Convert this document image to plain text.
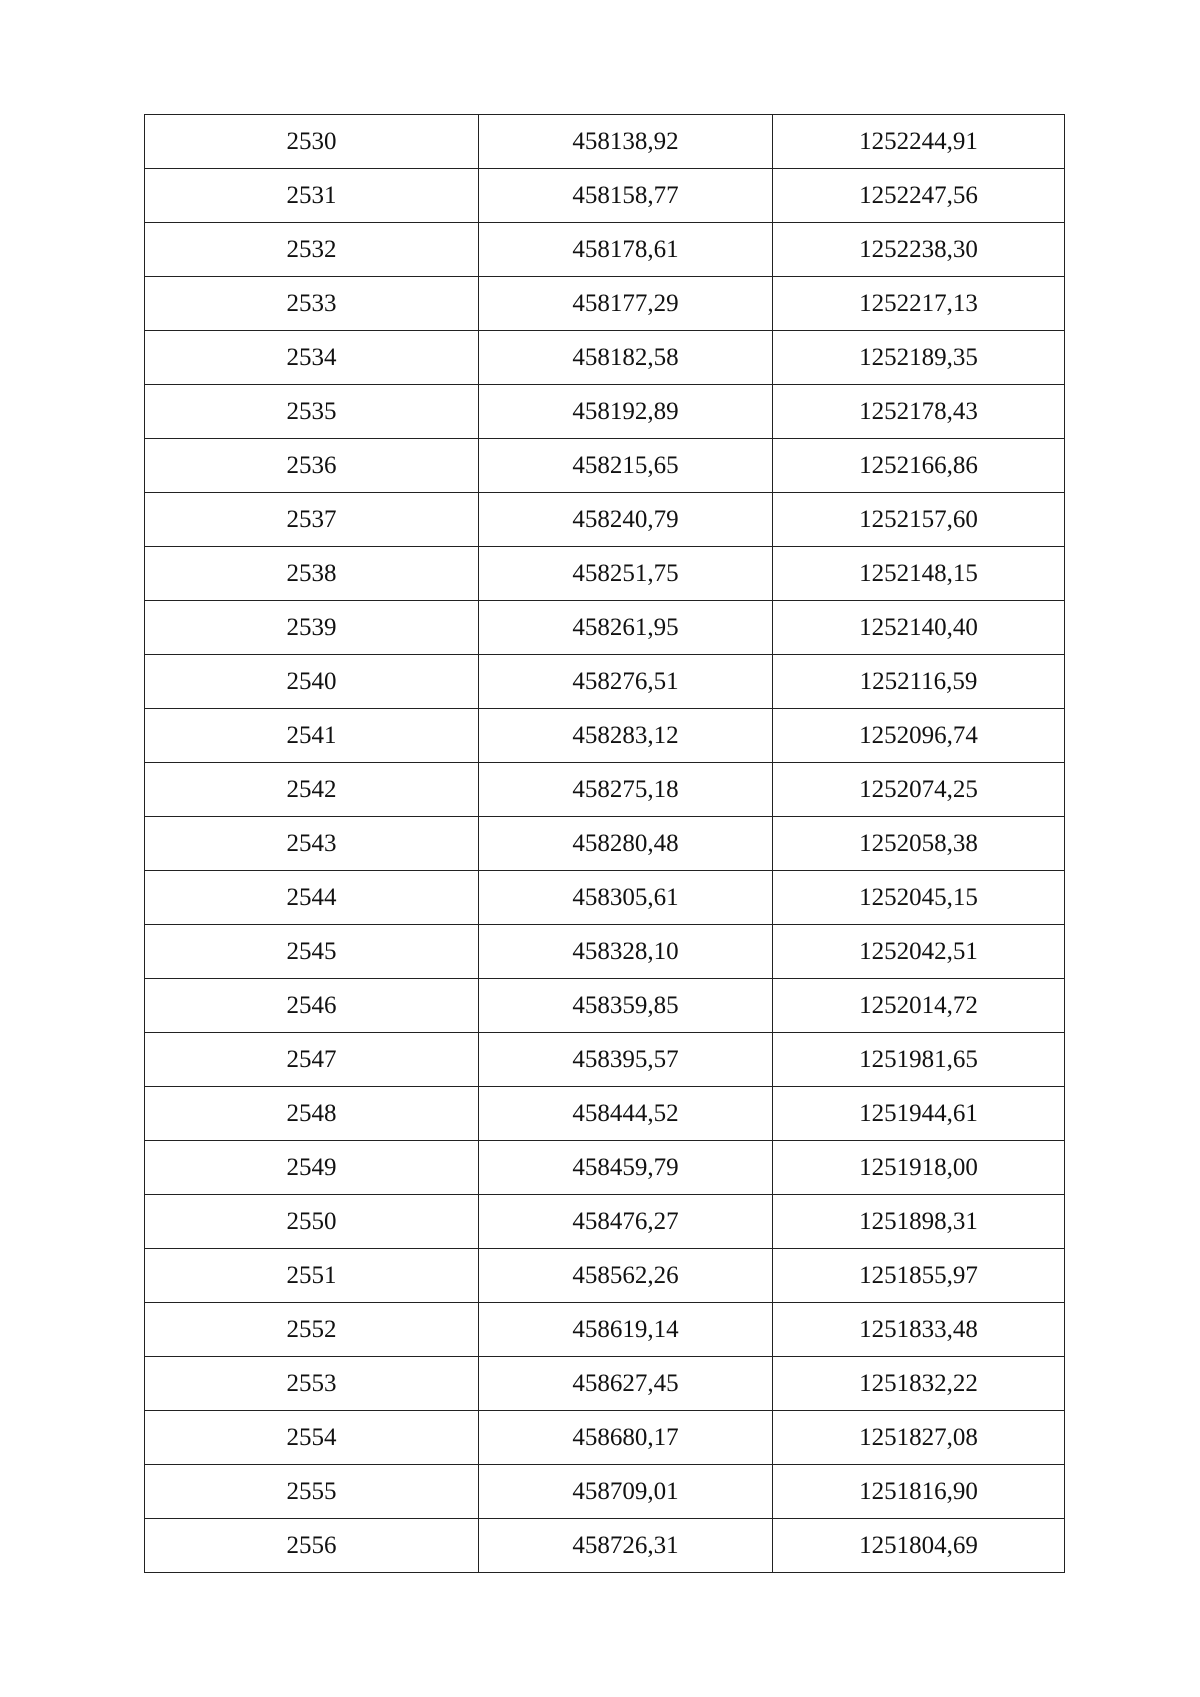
2530	458138,92	1252244,91
2531	458158,77	1252247,56
2532	458178,61	1252238,30
2533	458177,29	1252217,13
2534	458182,58	1252189,35
2535	458192,89	1252178,43
2536	458215,65	1252166,86
2537	458240,79	1252157,60
2538	458251,75	1252148,15
2539	458261,95	1252140,40
2540	458276,51	1252116,59
2541	458283,12	1252096,74
2542	458275,18	1252074,25
2543	458280,48	1252058,38
2544	458305,61	1252045,15
2545	458328,10	1252042,51
2546	458359,85	1252014,72
2547	458395,57	1251981,65
2548	458444,52	1251944,61
2549	458459,79	1251918,00
2550	458476,27	1251898,31
2551	458562,26	1251855,97
2552	458619,14	1251833,48
2553	458627,45	1251832,22
2554	458680,17	1251827,08
2555	458709,01	1251816,90
2556	458726,31	1251804,69
